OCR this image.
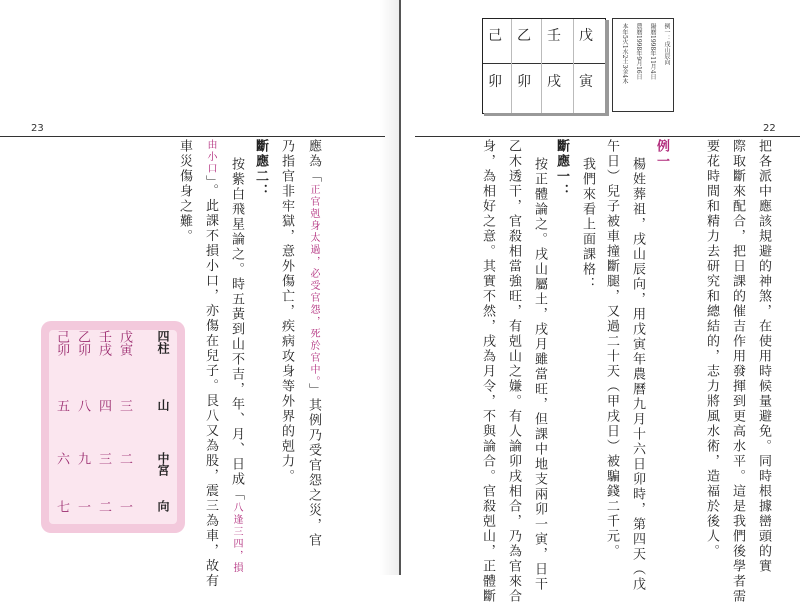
23
應為「正官剋身太過，必受官怨，死於官中。」其例乃受官怨之災，官
乃指官非牢獄，意外傷亡，疾病攻身等外界的剋力。
斷應二：
按紫白飛星論之。時五黃到山不吉，年、月、日成「八逢三四，損
由小口」。此課不損小口，亦傷在兒子。艮八又為股，震三為車，故有
車災傷身之難。
四柱
山
中宮
向
戊寅
壬戌
乙卯
己卯
三
四
八
五
二
三
九
六
一
二
一
七
22
把各派中應該規避的神煞，在使用時候量避免。同時根據巒頭的實
際取斷來配合，把日課的催吉作用發揮到更高水平。這是我們後學者需
要花時間和精力去研究和總結的，志力將風水術，造福於後人。
例一
楊姓葬祖，戌山辰向，用戊寅年農曆九月十六日卯時，第四天（戊
午日）兒子被車撞斷腿，又過二十天（甲戌日）被騙錢二千元。
我們來看上面課格：
斷應一：
按正體論之。戌山屬土，戌月雖當旺，但課中地支兩卯一寅，日干
乙木透干，官殺相當強旺，有剋山之嫌。有人論卯戌相合，乃為官來合
身，為相好之意。其實不然，戌為月令，不與論合。官殺剋山，正體斷
戊
壬
乙
己
寅
戌
卯
卯
例一：戌山辰向
陽曆1998年11月4日
農曆1998年9月16日
本年5火1水2土3金4木
